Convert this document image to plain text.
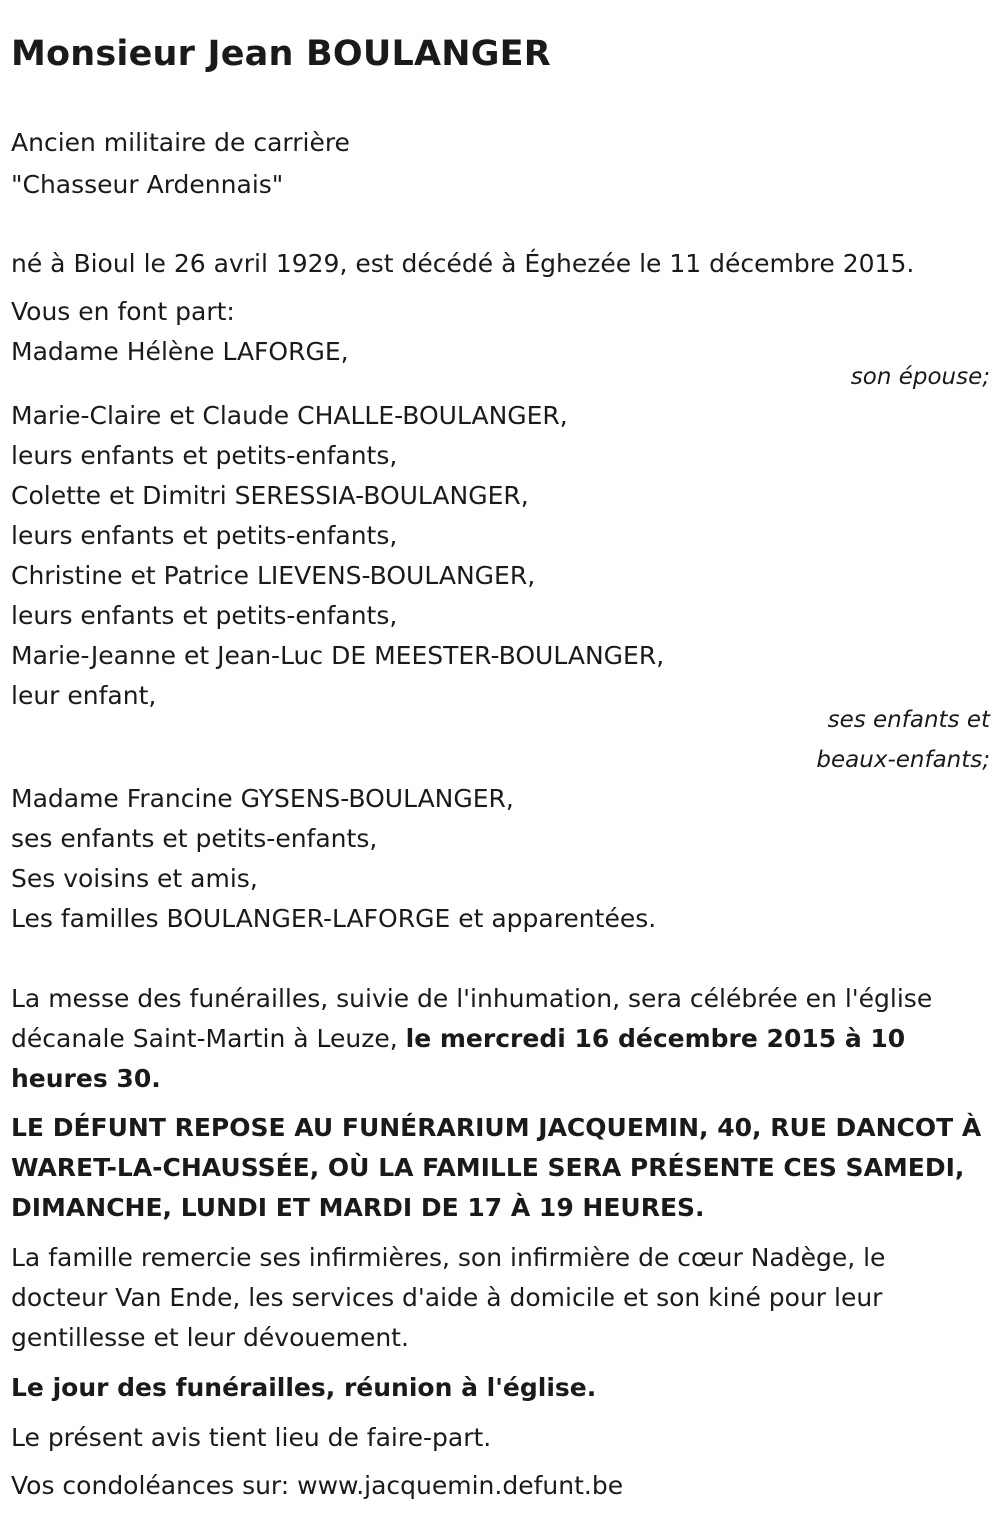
Monsieur Jean BOULANGER
Ancien militaire de carrière
"Chasseur Ardennais"
né à Bioul le 26 avril 1929, est décédé à Éghezée le 11 décembre 2015.
Vous en font part:
Madame Hélène LAFORGE,
son épouse;
Marie-Claire et Claude CHALLE-BOULANGER,
leurs enfants et petits-enfants,
Colette et Dimitri SERESSIA-BOULANGER,
leurs enfants et petits-enfants,
Christine et Patrice LIEVENS-BOULANGER,
leurs enfants et petits-enfants,
Marie-Jeanne et Jean-Luc DE MEESTER-BOULANGER,
leur enfant,
ses enfants et
beaux-enfants;
Madame Francine GYSENS-BOULANGER,
ses enfants et petits-enfants,
Ses voisins et amis,
Les familles BOULANGER-LAFORGE et apparentées.
La messe des funérailles, suivie de l'inhumation, sera célébrée en l'église
décanale Saint-Martin à Leuze, le mercredi 16 décembre 2015 à 10
heures 30.
LE DÉFUNT REPOSE AU FUNÉRARIUM JACQUEMIN, 40, RUE DANCOT À
WARET-LA-CHAUSSÉE, OÙ LA FAMILLE SERA PRÉSENTE CES SAMEDI,
DIMANCHE, LUNDI ET MARDI DE 17 À 19 HEURES.
La famille remercie ses infirmières, son infirmière de cœur Nadège, le
docteur Van Ende, les services d'aide à domicile et son kiné pour leur
gentillesse et leur dévouement.
Le jour des funérailles, réunion à l'église.
Le présent avis tient lieu de faire-part.
Vos condoléances sur: www.jacquemin.defunt.be
